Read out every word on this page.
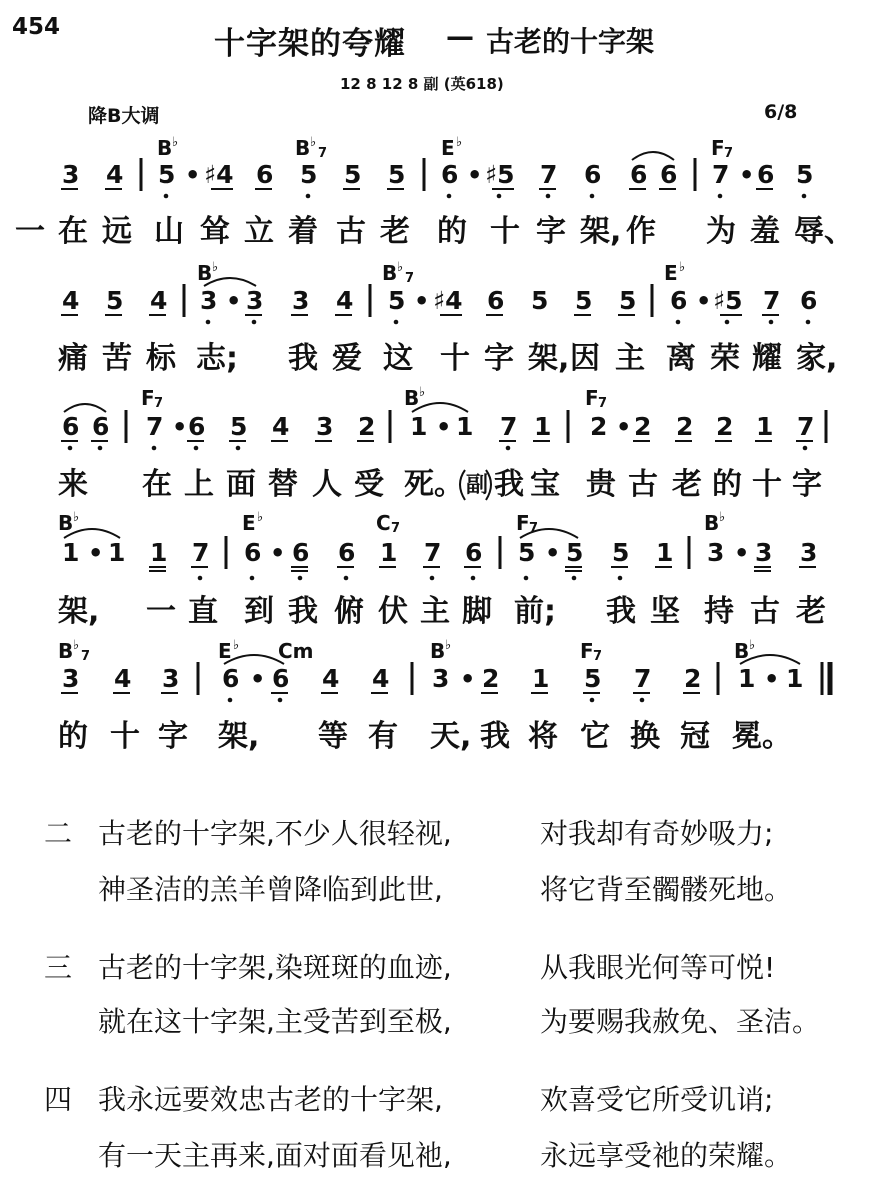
454	十字架的夸耀 — 古老的十字架
12 8 12 8 副 (英618)
降B大调	6/8
B ♭	B ♭
7	E ♭	F 7
3 4 5 • ♯4 6 5 5 5 6 • ♯5 7 6 6 6 7 • 6 5
一 在 远 山 耸 立 着 古 老 的 十 字 架, 作 为 羞 辱、
B ♭	B ♭
7	E ♭
4 5 4 3 • 3 3 4 5 • ♯4 6 5 5 5 6 • ♯5 7 6
痛 苦 标 志; 我 爱 这 十 字 架, 因 主 离 荣 耀 家,
F 7	B ♭	F 7
6 6 7 • 6 5 4 3 2 1 • 1 7 1 2 • 2 2 2 1 7
来 在 上 面 替 人 受 死。 副 我 宝 贵 古 老 的 十 字
B ♭	E ♭	C 7	F 7	B ♭
1 • 1 1 7 6 • 6 6 1 7 6 5 • 5 5 1 3 • 3 3
架, 一 直 到 我 俯 伏 主 脚 前; 我 坚 持 古 老
B ♭
7	E ♭ Cm	B ♭	F 7	B ♭
3 4 3 6 • 6 4 4 3 • 2 1 5 7 2 1 • 1
的 十 字 架, 等 有 天, 我 将 它 换 冠 冕。
二 古老的十字架,不少人很轻视,	对我却有奇妙吸力;
神圣洁的羔羊曾降临到此世,	将它背至髑髅死地。
三 古老的十字架,染斑斑的血迹,	从我眼光何等可悦!
就在这十字架,主受苦到至极,	为要赐我赦免、圣洁。
四 我永远要效忠古老的十字架,	欢喜受它所受讥诮;
有一天主再来,面对面看见祂,	永远享受祂的荣耀。
